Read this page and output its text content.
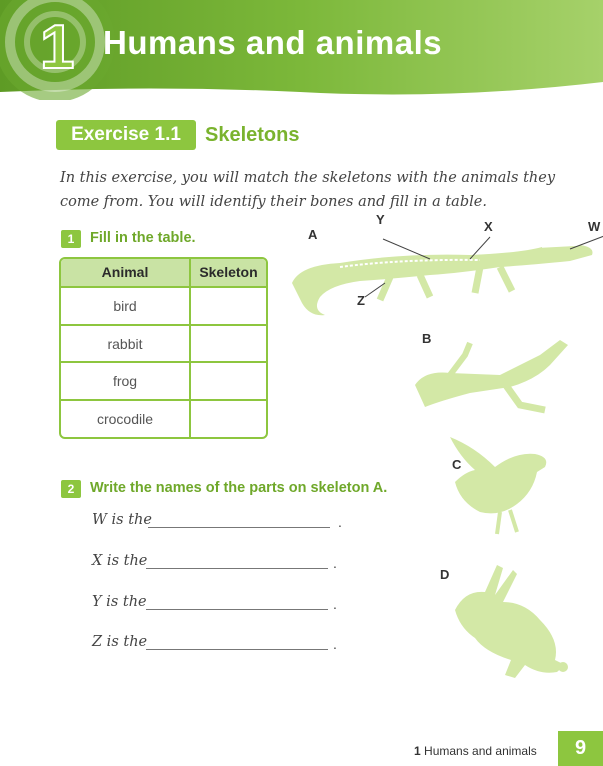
1 Humans and animals
Exercise 1.1	Skeletons
In this exercise, you will match the skeletons with the animals they come from. You will identify their bones and fill in a table.
1	Fill in the table.
Animal	Skeleton
bird
rabbit
frog
crocodile
2	Write the names of the parts on skeleton A.
W is the	.
X is the	.
Y is the	.
Z is the	.
A
Y	X	W
Z
B
C
D
1 Humans and animals	9
